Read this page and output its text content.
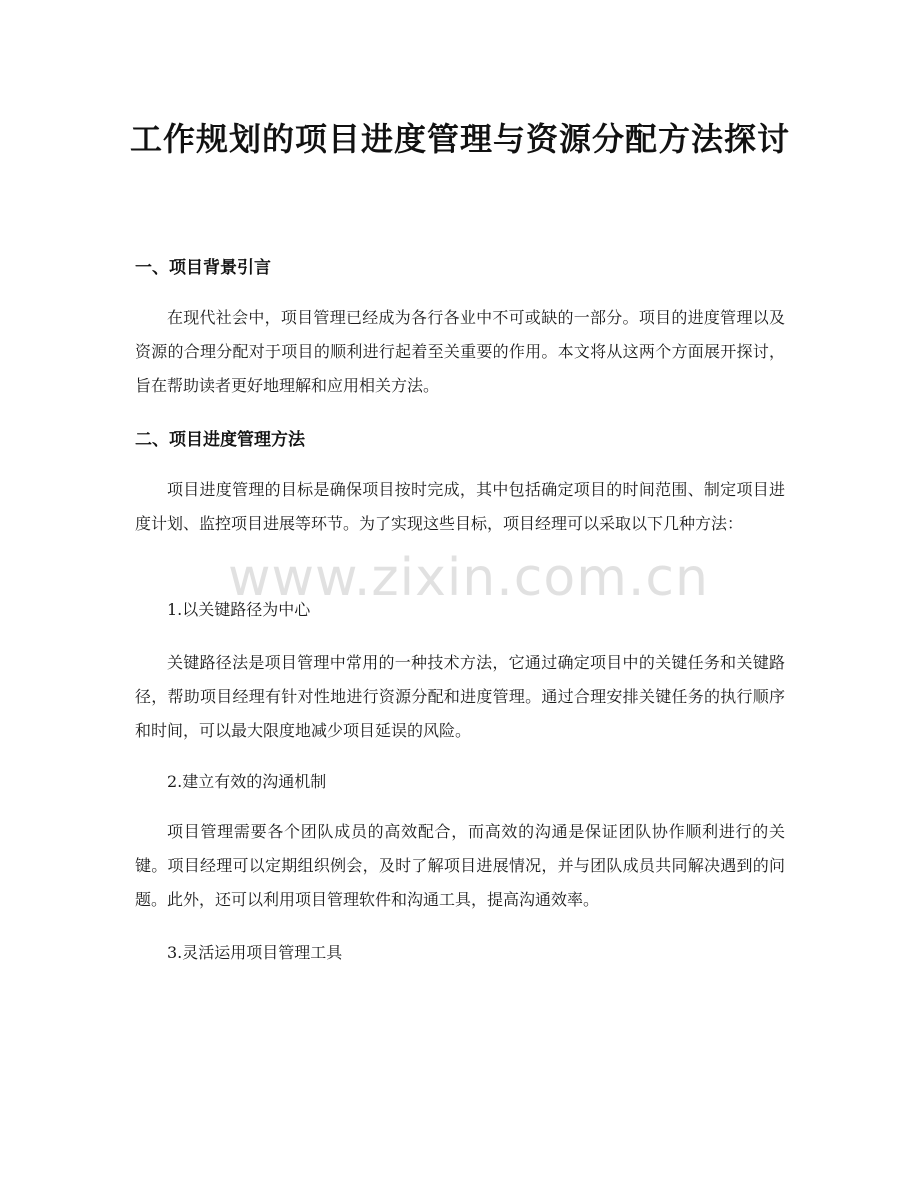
工作规划的项目进度管理与资源分配方法探讨
一、项目背景引言

在现代社会中，项目管理已经成为各行各业中不可或缺的一部分。项目的进度管理以及资源的合理分配对于项目的顺利进行起着至关重要的作用。本文将从这两个方面展开探讨，旨在帮助读者更好地理解和应用相关方法。

二、项目进度管理方法

项目进度管理的目标是确保项目按时完成，其中包括确定项目的时间范围、制定项目进度计划、监控项目进展等环节。为了实现这些目标，项目经理可以采取以下几种方法：

1.以关键路径为中心

关键路径法是项目管理中常用的一种技术方法，它通过确定项目中的关键任务和关键路径，帮助项目经理有针对性地进行资源分配和进度管理。通过合理安排关键任务的执行顺序和时间，可以最大限度地减少项目延误的风险。

2.建立有效的沟通机制

项目管理需要各个团队成员的高效配合，而高效的沟通是保证团队协作顺利进行的关键。项目经理可以定期组织例会，及时了解项目进展情况，并与团队成员共同解决遇到的问题。此外，还可以利用项目管理软件和沟通工具，提高沟通效率。

3.灵活运用项目管理工具

www.zixin.com.cn
